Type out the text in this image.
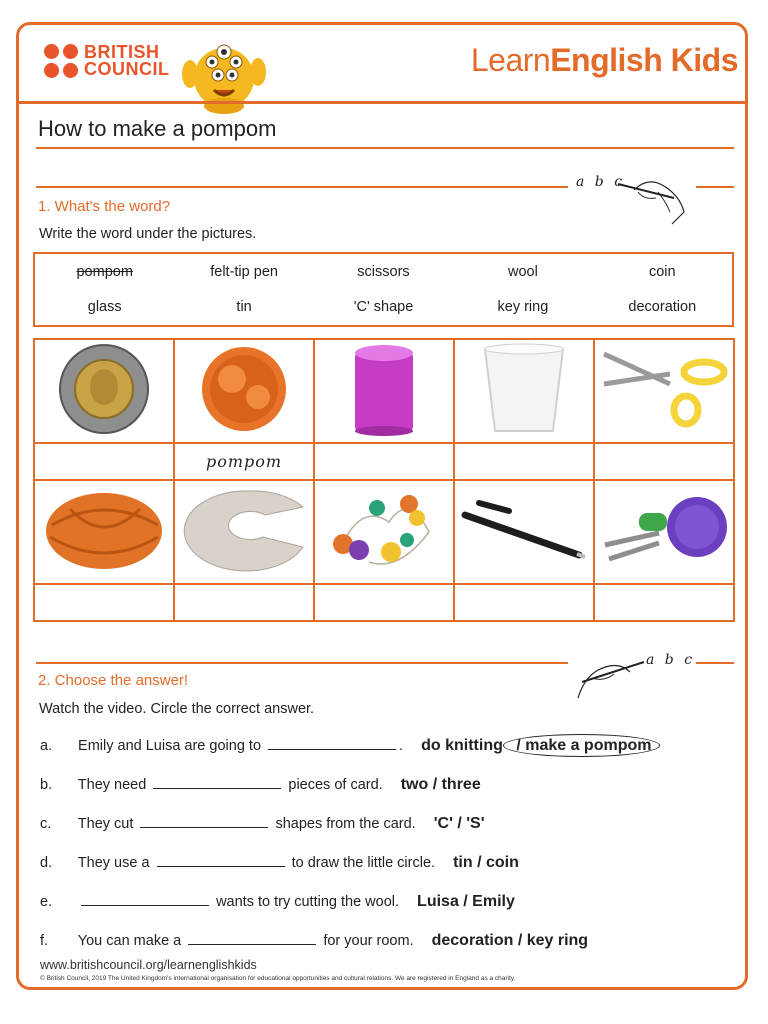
BRITISH
COUNCIL	LearnEnglish Kids
How to make a pompom
a b c
1. What's the word?
Write the word under the pictures.
pompom	felt-tip pen	scissors	wool	coin
glass	tin	'C' shape	key ring	decoration

	pompom			

a b c
2. Choose the answer!
Watch the video. Circle the correct answer.
a. Emily and Luisa are going to	. do knitting / make a pompom
b. They need	pieces of card. two / three
c. They cut	shapes from the card. 'C' / 'S'
d. They use a	to draw the little circle. tin / coin
e.	wants to try cutting the wool. Luisa / Emily
f. You can make a	for your room. decoration / key ring
www.britishcouncil.org/learnenglishkids
© British Council, 2019 The United Kingdom's international organisation for educational opportunities and cultural relations. We are registered in England as a charity.
